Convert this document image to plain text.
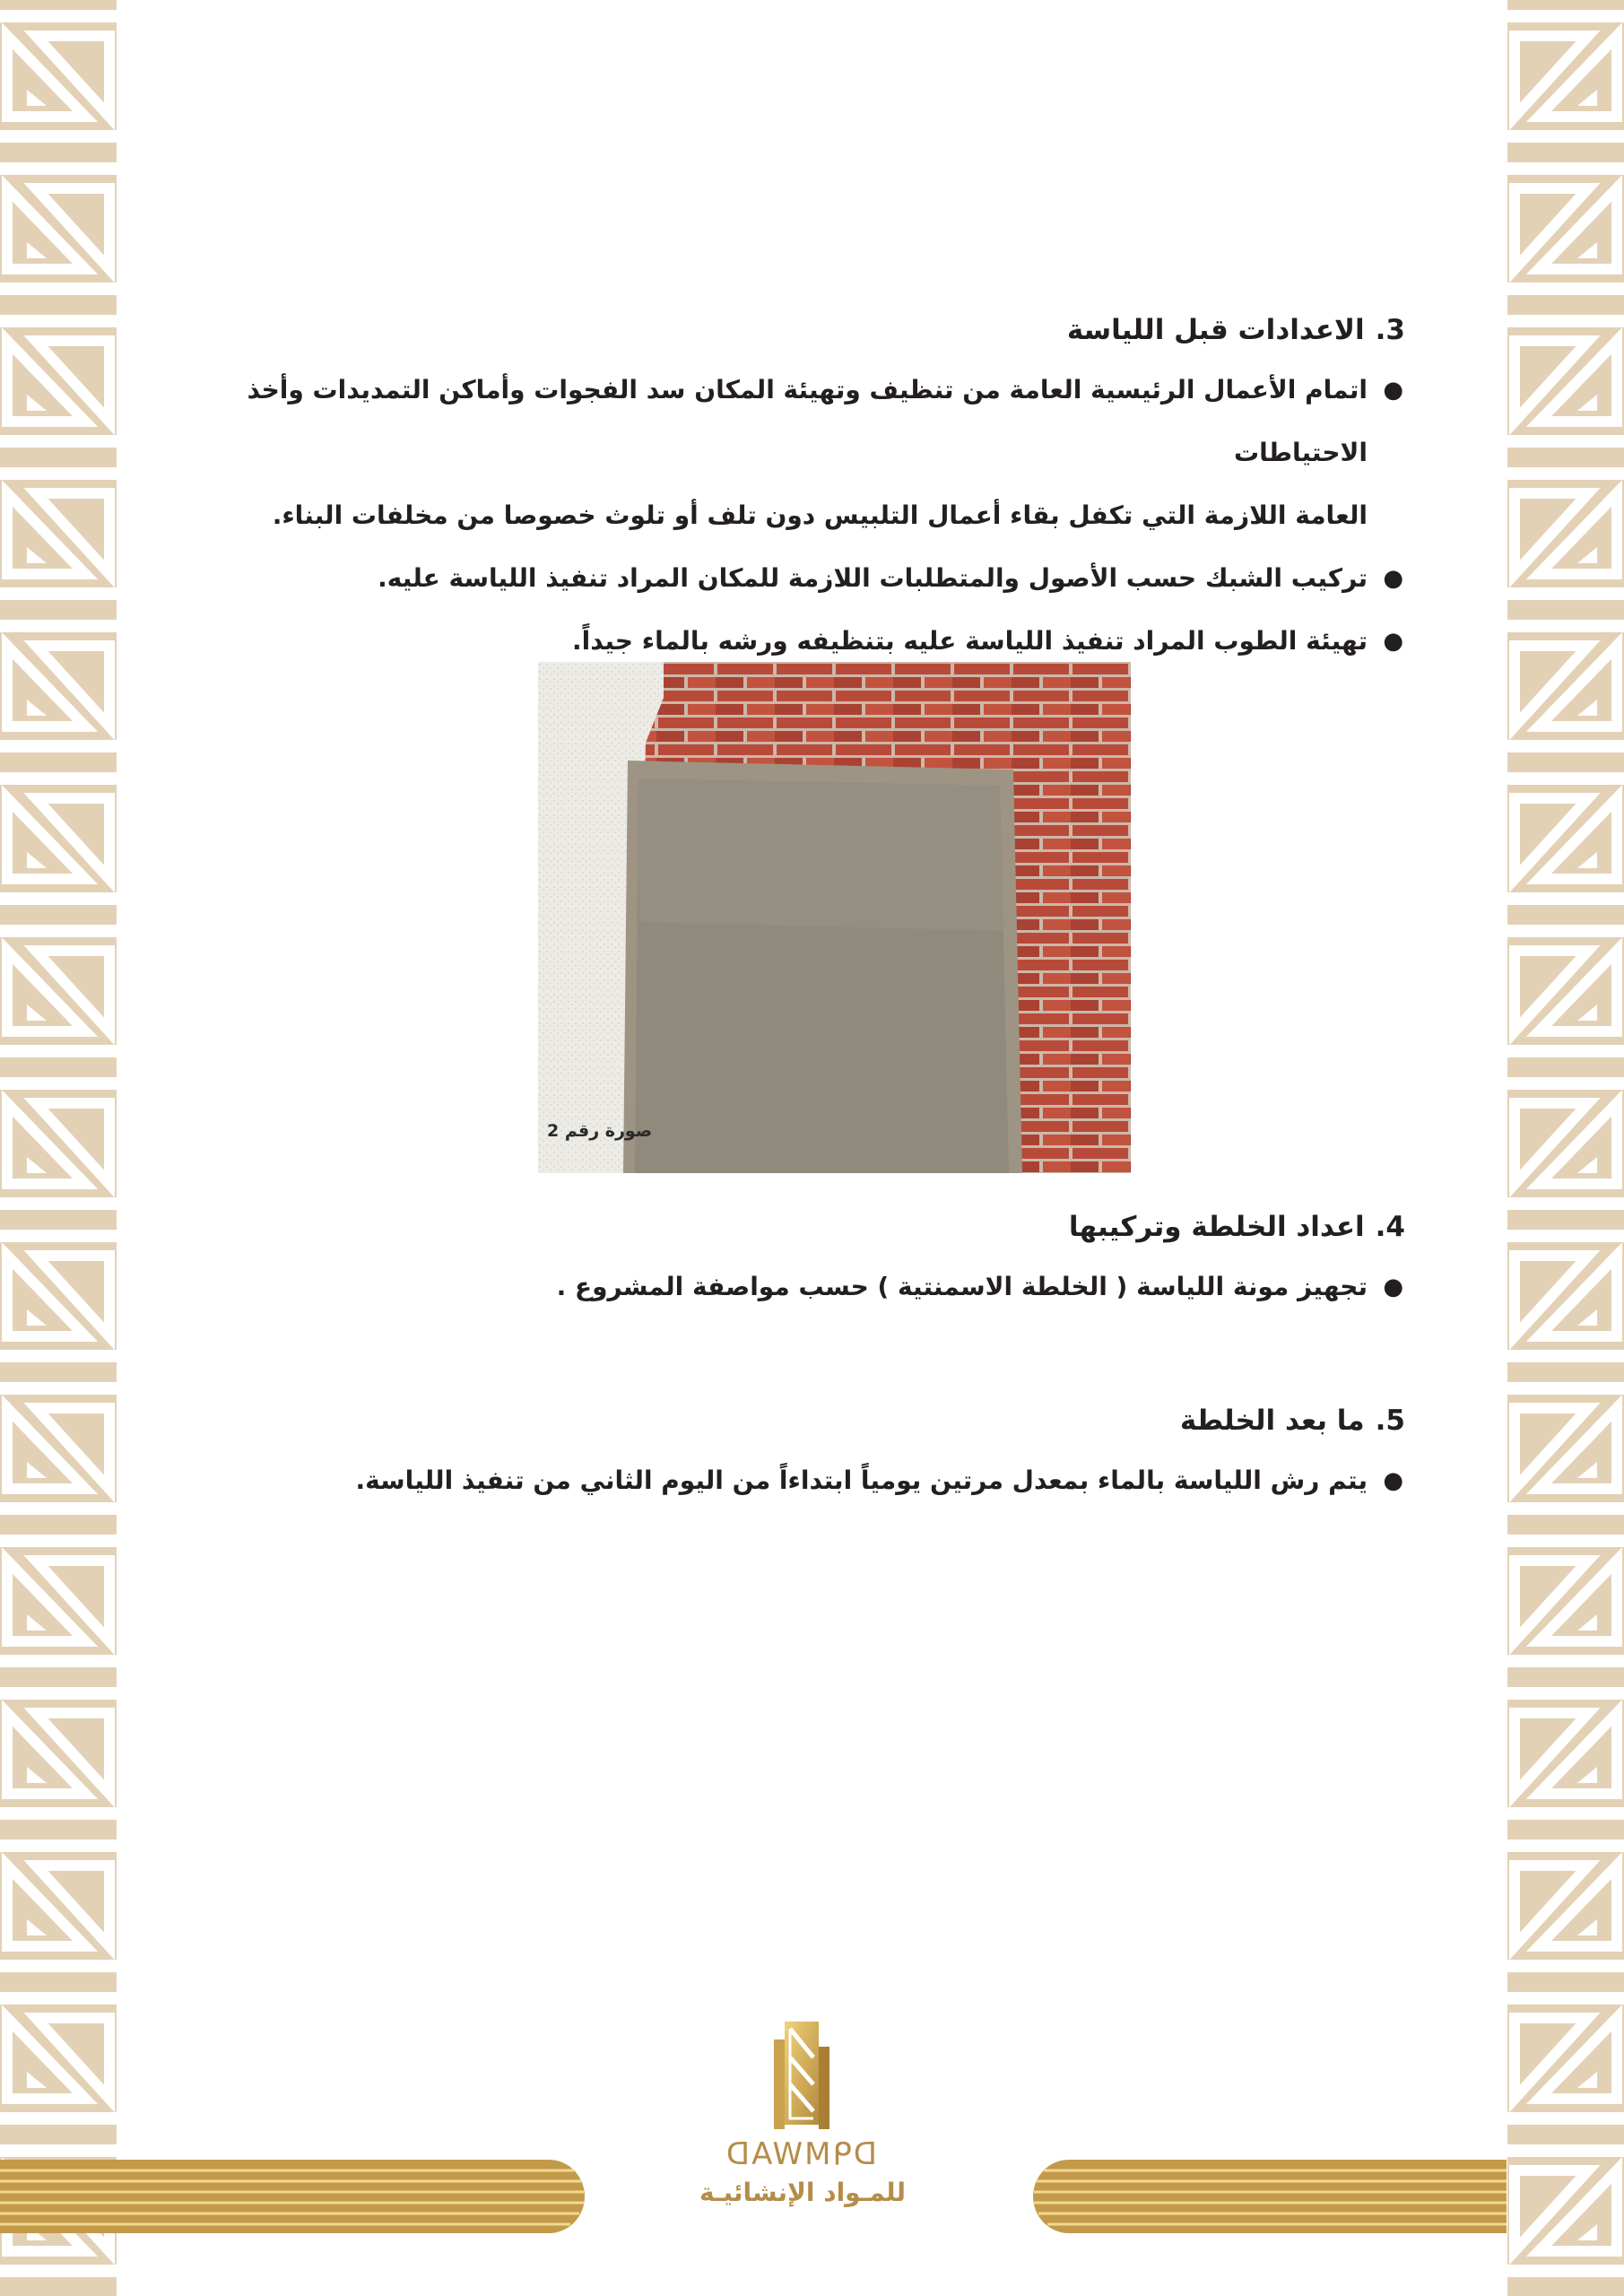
3.الاعدادات قبل اللياسة
●
اتمام الأعمال الرئيسية العامة من تنظيف وتهيئة المكان سد الفجوات وأماكن التمديدات وأخذ الاحتياطات
العامة اللازمة التي تكفل بقاء أعمال التلبيس دون تلف أو تلوث خصوصا من مخلفات البناء.
●
تركيب الشبك حسب الأصول والمتطلبات اللازمة للمكان المراد تنفيذ اللياسة عليه.
●
تهيئة الطوب المراد تنفيذ اللياسة عليه بتنظيفه ورشه بالماء جيداً.
4.اعداد الخلطة وتركيبها
●
تجهيز مونة اللياسة ( الخلطة الاسمنتية ) حسب مواصفة المشروع .
5.ما بعد الخلطة
●
يتم رش اللياسة بالماء بمعدل مرتين يومياً ابتداءاً من اليوم الثاني من تنفيذ اللياسة.
صورة رقم 2
ᗡAWMᑭᗡ
للمـواد الإنشائيـة
